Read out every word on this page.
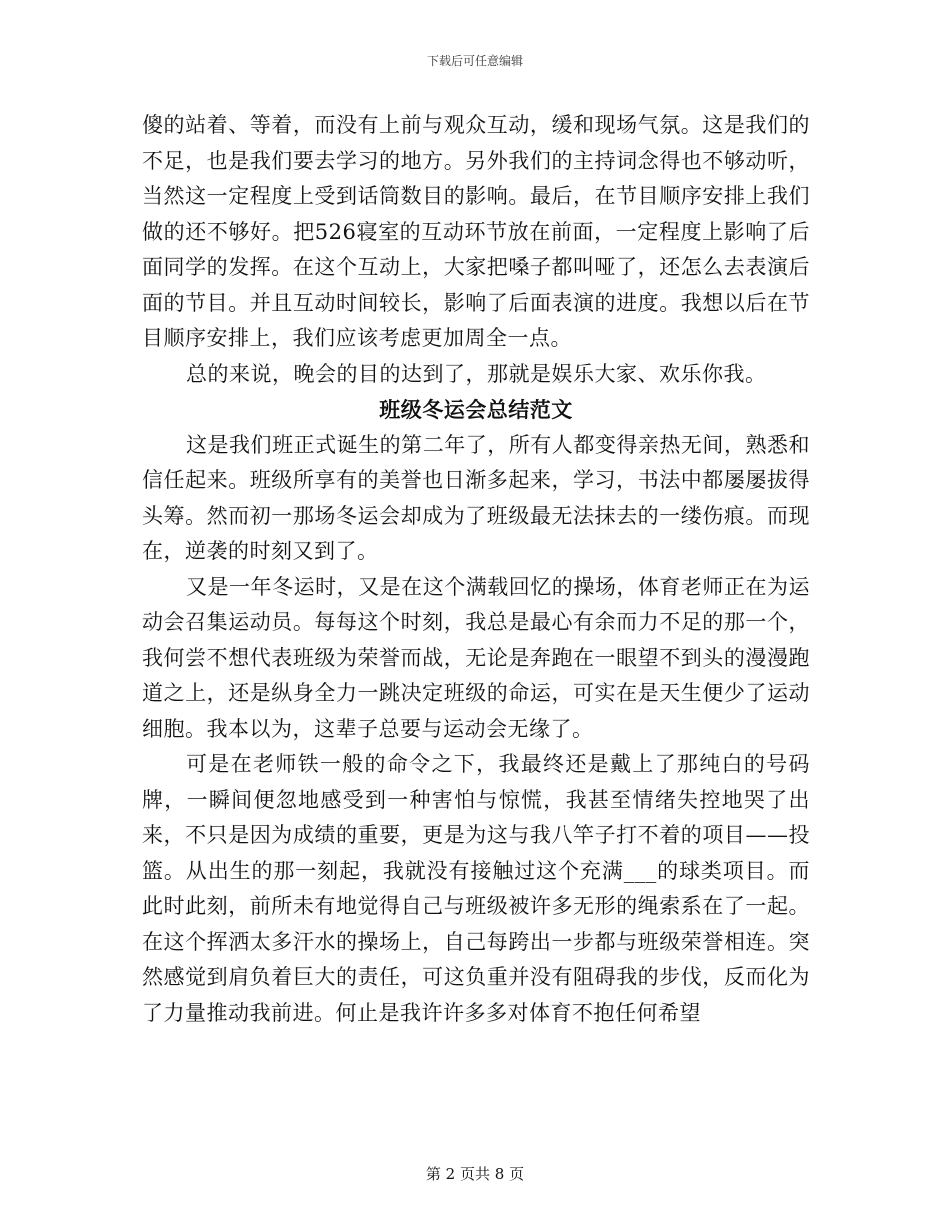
下载后可任意编辑

傻的站着、等着，而没有上前与观众互动，缓和现场气氛。这是我们的不足，也是我们要去学习的地方。另外我们的主持词念得也不够动听，当然这一定程度上受到话筒数目的影响。最后，在节目顺序安排上我们做的还不够好。把526寝室的互动环节放在前面，一定程度上影响了后面同学的发挥。在这个互动上，大家把嗓子都叫哑了，还怎么去表演后面的节目。并且互动时间较长，影响了后面表演的进度。我想以后在节目顺序安排上，我们应该考虑更加周全一点。

总的来说，晚会的目的达到了，那就是娱乐大家、欢乐你我。

班级冬运会总结范文

这是我们班正式诞生的第二年了，所有人都变得亲热无间，熟悉和信任起来。班级所享有的美誉也日渐多起来，学习，书法中都屡屡拔得头筹。然而初一那场冬运会却成为了班级最无法抹去的一缕伤痕。而现在，逆袭的时刻又到了。

又是一年冬运时，又是在这个满载回忆的操场，体育老师正在为运动会召集运动员。每每这个时刻，我总是最心有余而力不足的那一个，我何尝不想代表班级为荣誉而战，无论是奔跑在一眼望不到头的漫漫跑道之上，还是纵身全力一跳决定班级的命运，可实在是天生便少了运动细胞。我本以为，这辈子总要与运动会无缘了。

可是在老师铁一般的命令之下，我最终还是戴上了那纯白的号码牌，一瞬间便忽地感受到一种害怕与惊慌，我甚至情绪失控地哭了出来，不只是因为成绩的重要，更是为这与我八竿子打不着的项目——投篮。从出生的那一刻起，我就没有接触过这个充满___的球类项目。而此时此刻，前所未有地觉得自己与班级被许多无形的绳索系在了一起。在这个挥洒太多汗水的操场上，自己每跨出一步都与班级荣誉相连。突然感觉到肩负着巨大的责任，可这负重并没有阻碍我的步伐，反而化为了力量推动我前进。何止是我许许多多对体育不抱任何希望

第 2 页共 8 页
